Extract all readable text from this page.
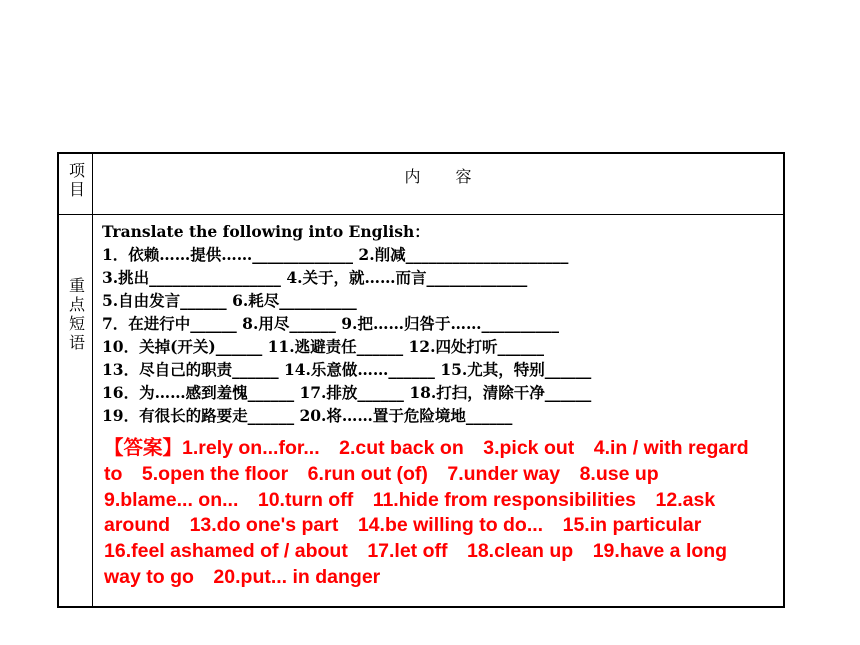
项目	内 容
重点短语
Translate the following into English：
1．依赖……提供……_____________ 2.削减_____________________
3.挑出_________________ 4.关于，就……而言_____________
5.自由发言______ 6.耗尽__________
7．在进行中______ 8.用尽______ 9.把……归咎于……__________
10．关掉(开关)______ 11.逃避责任______ 12.四处打听______
13．尽自己的职责______ 14.乐意做……______ 15.尤其，特别______
16．为……感到羞愧______ 17.排放______ 18.打扫，清除干净______
19．有很长的路要走______ 20.将……置于危险境地______
【答案】1.rely on...for...　2.cut back on　3.pick out　4.in / with regard to　5.open the floor　6.run out (of)　7.under way　8.use up　9.blame... on...　10.turn off　11.hide from responsibilities　12.ask around　13.do one's part　14.be willing to do...　15.in particular　16.feel ashamed of / about　17.let off　18.clean up　19.have a long way to go　20.put... in danger
